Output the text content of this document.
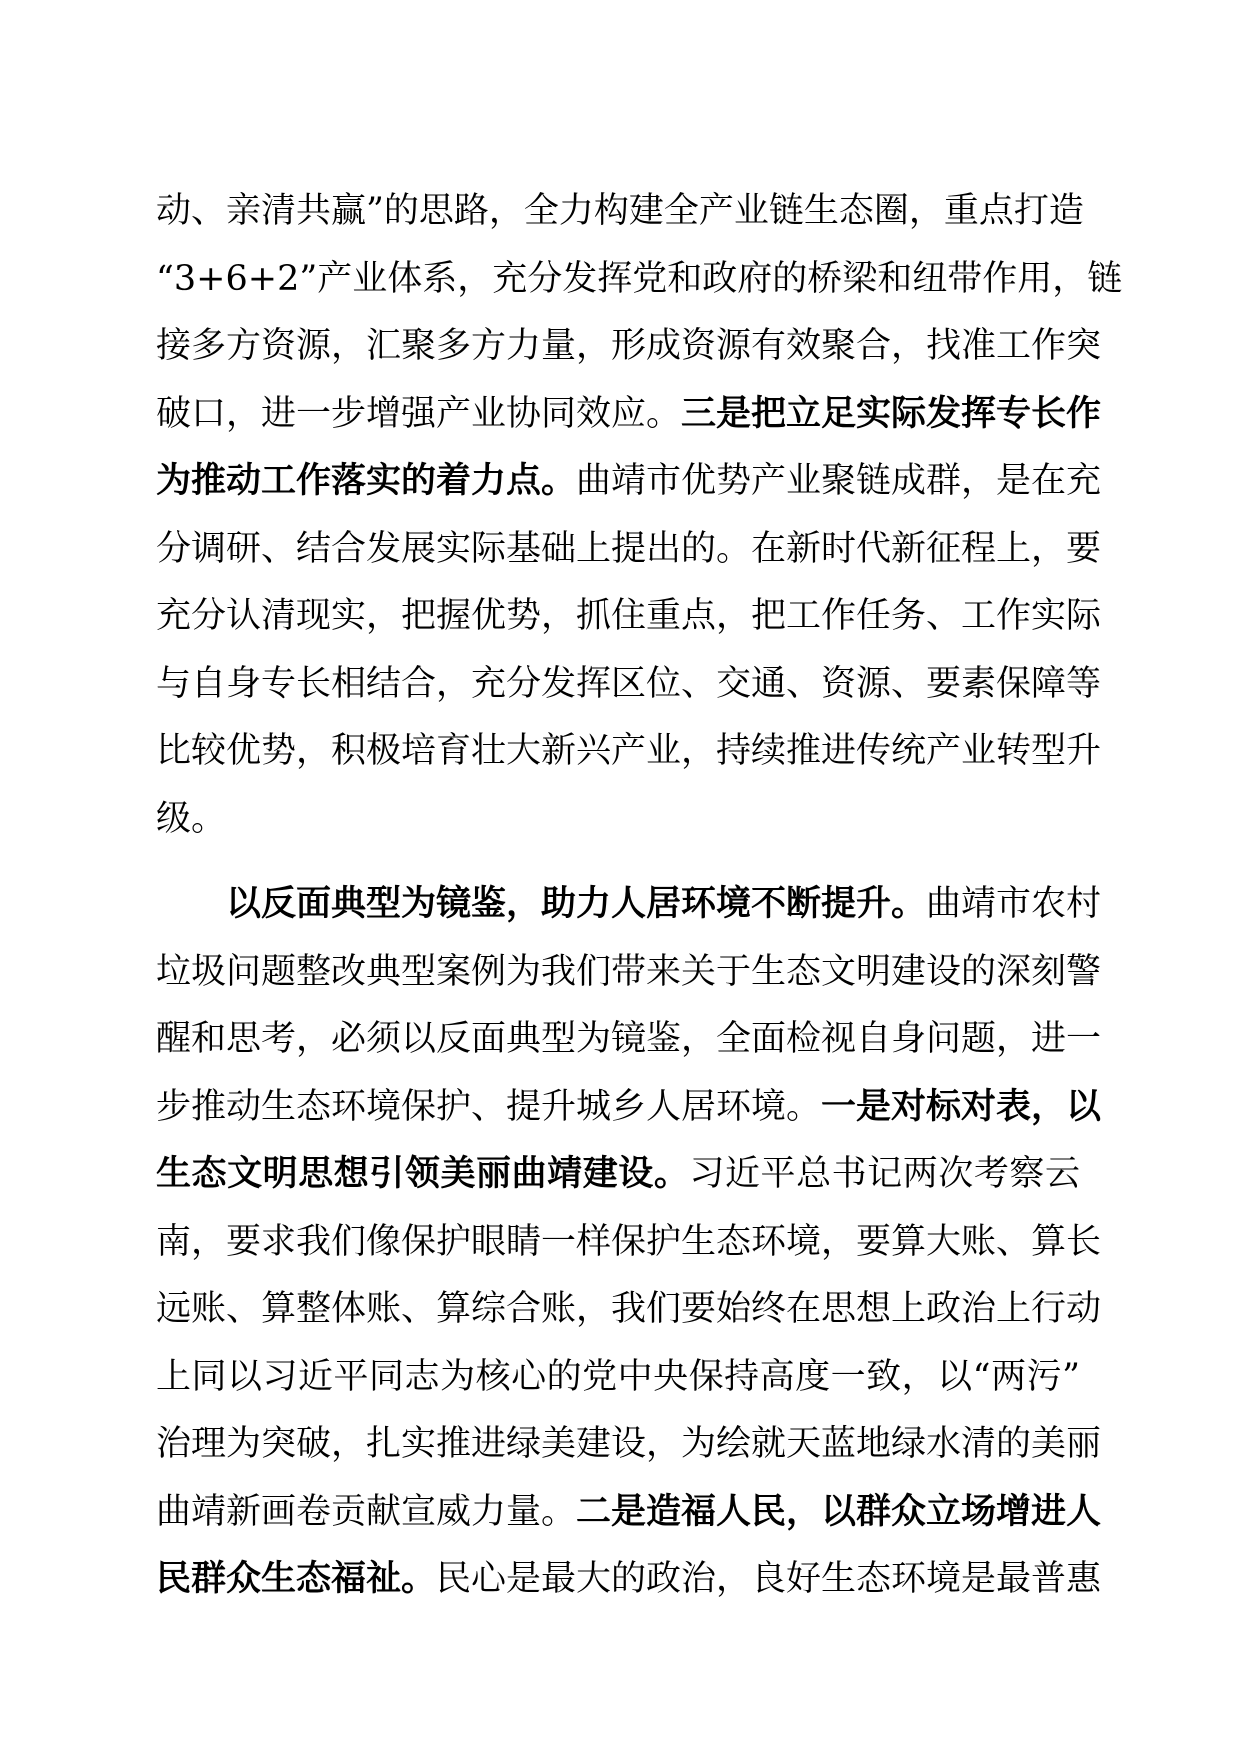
动、亲清共赢”的思路，全力构建全产业链生态圈，重点打造
“3+6+2”产业体系，充分发挥党和政府的桥梁和纽带作用，链
接多方资源，汇聚多方力量，形成资源有效聚合，找准工作突
破口，进一步增强产业协同效应。三是把立足实际发挥专长作
为推动工作落实的着力点。曲靖市优势产业聚链成群，是在充
分调研、结合发展实际基础上提出的。在新时代新征程上，要
充分认清现实，把握优势，抓住重点，把工作任务、工作实际
与自身专长相结合，充分发挥区位、交通、资源、要素保障等
比较优势，积极培育壮大新兴产业，持续推进传统产业转型升
级。
以反面典型为镜鉴，助力人居环境不断提升。曲靖市农村
垃圾问题整改典型案例为我们带来关于生态文明建设的深刻警
醒和思考，必须以反面典型为镜鉴，全面检视自身问题，进一
步推动生态环境保护、提升城乡人居环境。一是对标对表，以
生态文明思想引领美丽曲靖建设。习近平总书记两次考察云
南，要求我们像保护眼睛一样保护生态环境，要算大账、算长
远账、算整体账、算综合账，我们要始终在思想上政治上行动
上同以习近平同志为核心的党中央保持高度一致，以“两污”
治理为突破，扎实推进绿美建设，为绘就天蓝地绿水清的美丽
曲靖新画卷贡献宣威力量。二是造福人民，以群众立场增进人
民群众生态福祉。民心是最大的政治，良好生态环境是最普惠
